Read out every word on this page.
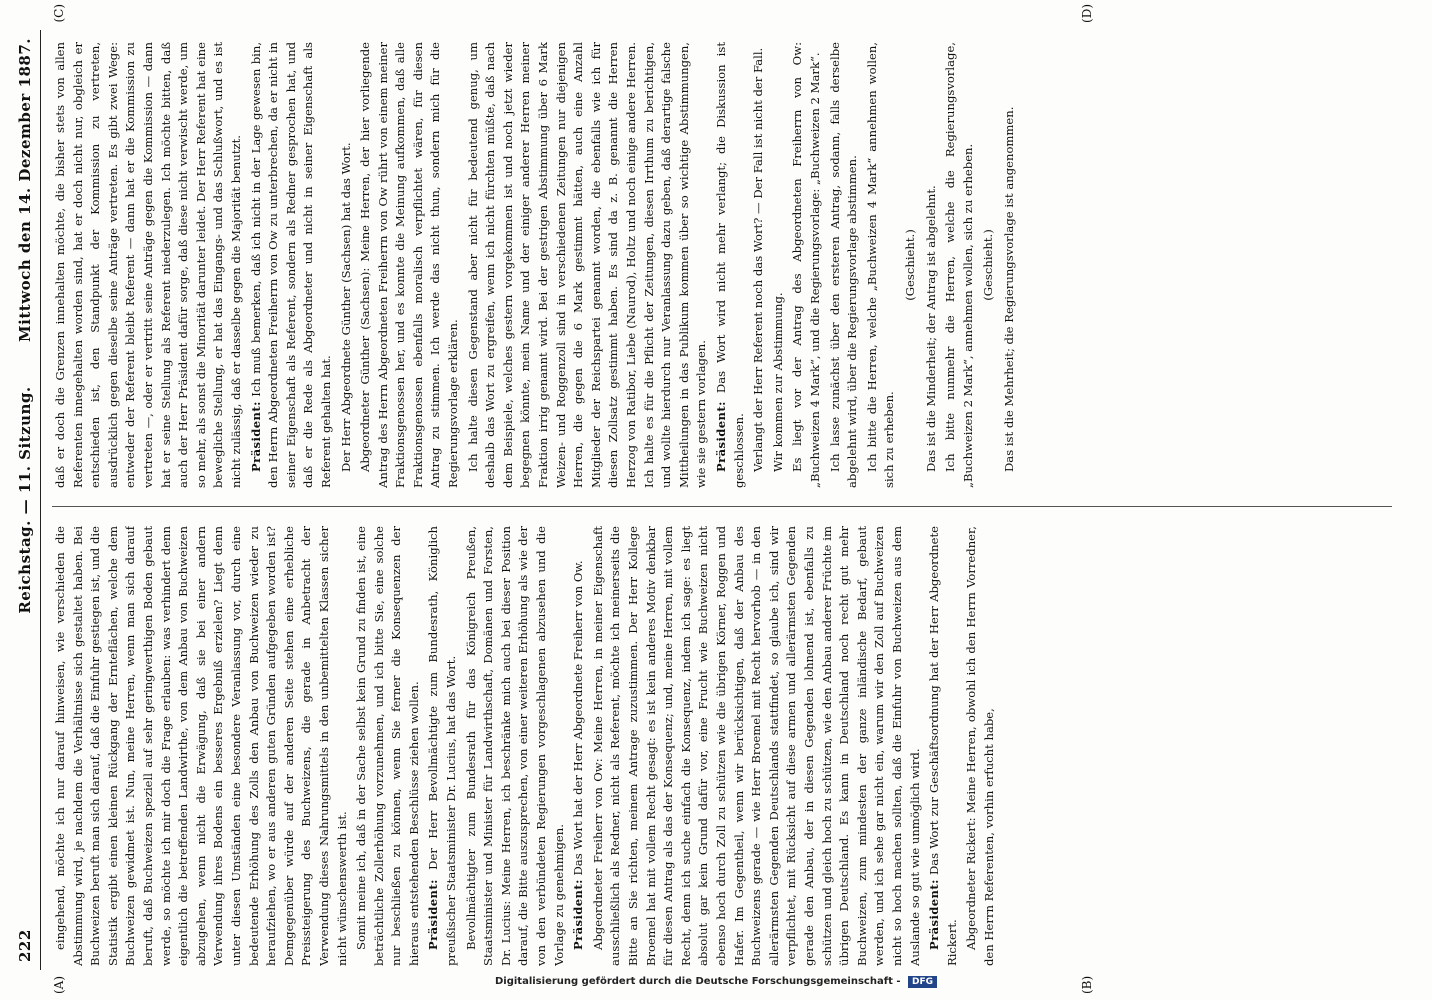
222
Reichstag. — 11. Sitzung.
Mittwoch den 14. Dezember 1887.
(A)	(B)
(C)	(D)

eingehend, möchte ich nur darauf hinweisen, wie verschieden die Abstimmung wird, je nachdem die Verhältnisse sich gestaltet haben. Bei Buchweizen beruft man sich darauf, daß die Einfuhr gestiegen ist, und die Statistik ergibt einen kleinen Rückgang der Ernteflächen, welche dem Buchweizen gewidmet ist. Nun, meine Herren, wenn man sich darauf beruft, daß Buchweizen speziell auf sehr geringwerthigen Boden gebaut werde, so möchte ich mir doch die Frage erlauben: was verhindert denn eigentlich die betreffenden Landwirthe, von dem Anbau von Buchweizen abzugehen, wenn nicht die Erwägung, daß sie bei einer andern Verwendung ihres Bodens ein besseres Ergebniß erzielen? Liegt denn unter diesen Umständen eine besondere Veranlassung vor, durch eine bedeutende Erhöhung des Zolls den Anbau von Buchweizen wieder zu heraufziehen, wo er aus anderen guten Gründen aufgegeben worden ist? Demgegenüber würde auf der anderen Seite stehen eine erhebliche Preissteigerung des Buchweizens, die gerade in Anbetracht der Verwendung dieses Nahrungsmittels in den unbemittelten Klassen sicher nicht wünschenswerth ist. Somit meine ich, daß in der Sache selbst kein Grund zu finden ist, eine beträchtliche Zollerhöhung vorzunehmen, und ich bitte Sie, eine solche nur beschließen zu können, wenn Sie ferner die Konsequenzen der hieraus entstehenden Beschlüsse ziehen wollen. Präsident: Der Herr Bevollmächtigte zum Bundesrath, Königlich preußischer Staatsminister Dr. Lucius, hat das Wort. Bevollmächtigter zum Bundesrath für das Königreich Preußen, Staatsminister und Minister für Landwirthschaft, Domänen und Forsten, Dr. Lucius: Meine Herren, ich beschränke mich auch bei dieser Position darauf, die Bitte auszusprechen, von einer weiteren Erhöhung als wie der von den verbündeten Regierungen vorgeschlagenen abzusehen und die Vorlage zu genehmigen. Präsident: Das Wort hat der Herr Abgeordnete Freiherr von Ow. Abgeordneter Freiherr von Ow: Meine Herren, in meiner Eigenschaft ausschließlich als Redner, nicht als Referent, möchte ich meinerseits die Bitte an Sie richten, meinem Antrage zuzustimmen. Der Herr Kollege Broemel hat mit vollem Recht gesagt: es ist kein anderes Motiv denkbar für diesen Antrag als das der Konsequenz; und, meine Herren, mit vollem Recht, denn ich suche einfach die Konsequenz, indem ich sage: es liegt absolut gar kein Grund dafür vor, eine Frucht wie Buchweizen nicht ebenso hoch durch Zoll zu schützen wie die übrigen Körner, Roggen und Hafer. Im Gegentheil, wenn wir berücksichtigen, daß der Anbau des Buchweizens gerade — wie Herr Broemel mit Recht hervorhob — in den allerärmsten Gegenden Deutschlands stattfindet, so glaube ich, sind wir verpflichtet, mit Rücksicht auf diese armen und allerärmsten Gegenden gerade den Anbau, der in diesen Gegenden lohnend ist, ebenfalls zu schützen und gleich hoch zu schützen, wie den Anbau anderer Früchte im übrigen Deutschland. Es kann in Deutschland noch recht gut mehr Buchweizen, zum mindesten der ganze inländische Bedarf, gebaut werden, und ich sehe gar nicht ein, warum wir den Zoll auf Buchweizen nicht so hoch machen sollten, daß die Einfuhr von Buchweizen aus dem Auslande so gut wie unmöglich wird. Präsident: Das Wort zur Geschäftsordnung hat der Herr Abgeordnete Rickert. Abgeordneter Rickert: Meine Herren, obwohl ich den Herrn Vorredner, den Herrn Referenten, vorhin erfucht habe,

daß er doch die Grenzen innehalten möchte, die bisher stets von allen Referenten innegehalten worden sind, hat er doch nicht nur, obgleich er entschieden ist, den Standpunkt der Kommission zu vertreten, ausdrücklich gegen dieselbe seine Anträge vertreten. Es gibt zwei Wege: entweder der Referent bleibt Referent — dann hat er die Kommission zu vertreten —, oder er vertritt seine Anträge gegen die Kommission — dann hat er seine Stellung als Referent niederzulegen. Ich möchte bitten, daß auch der Herr Präsident dafür sorge, daß diese nicht verwischt werde, um so mehr, als sonst die Minorität darunter leidet. Der Herr Referent hat eine bewegliche Stellung, er hat das Eingangs- und das Schlußwort, und es ist nicht zulässig, daß er dasselbe gegen die Majorität benutzt. Präsident: Ich muß bemerken, daß ich nicht in der Lage gewesen bin, den Herrn Abgeordneten Freiherrn von Ow zu unterbrechen, da er nicht in seiner Eigenschaft als Referent, sondern als Redner gesprochen hat, und daß er die Rede als Abgeordneter und nicht in seiner Eigenschaft als Referent gehalten hat. Der Herr Abgeordnete Günther (Sachsen) hat das Wort. Abgeordneter Günther (Sachsen): Meine Herren, der hier vorliegende Antrag des Herrn Abgeordneten Freiherrn von Ow rührt von einem meiner Fraktionsgenossen her, und es konnte die Meinung aufkommen, daß alle Fraktionsgenossen ebenfalls moralisch verpflichtet wären, für diesen Antrag zu stimmen. Ich werde das nicht thun, sondern mich für die Regierungsvorlage erklären. Ich halte diesen Gegenstand aber nicht für bedeutend genug, um deshalb das Wort zu ergreifen, wenn ich nicht fürchten müßte, daß nach dem Beispiele, welches gestern vorgekommen ist und noch jetzt wieder begegnen könnte, mein Name und der einiger anderer Herren meiner Fraktion irrig genannt wird. Bei der gestrigen Abstimmung über 6 Mark Weizen- und Roggenzoll sind in verschiedenen Zeitungen nur diejenigen Herren, die gegen die 6 Mark gestimmt hätten, auch eine Anzahl Mitglieder der Reichspartei genannt worden, die ebenfalls wie ich für diesen Zollsatz gestimmt haben. Es sind da z. B. genannt die Herren Herzog von Ratibor, Liebe (Naurod), Holtz und noch einige andere Herren. Ich halte es für die Pflicht der Zeitungen, diesen Irrthum zu berichtigen, und wollte hierdurch nur Veranlassung dazu geben, daß derartige falsche Mittheilungen in das Publikum kommen über so wichtige Abstimmungen, wie sie gestern vorlagen. Präsident: Das Wort wird nicht mehr verlangt; die Diskussion ist geschlossen. Verlangt der Herr Referent noch das Wort? — Der Fall ist nicht der Fall. Wir kommen zur Abstimmung. Es liegt vor der Antrag des Abgeordneten Freiherrn von Ow: „Buchweizen 4 Mark“, und die Regierungsvorlage: „Buchweizen 2 Mark“. Ich lasse zunächst über den ersteren Antrag, sodann, falls derselbe abgelehnt wird, über die Regierungsvorlage abstimmen. Ich bitte die Herren, welche „Buchweizen 4 Mark“ annehmen wollen, sich zu erheben.

(Geschieht.) Das ist die Minderheit; der Antrag ist abgelehnt. Ich bitte nunmehr die Herren, welche die Regierungsvorlage, „Buchweizen 2 Mark“, annehmen wollen, sich zu erheben. (Geschieht.) Das ist die Mehrheit; die Regierungsvorlage ist angenommen.

Digitalisierung gefördert durch die Deutsche Forschungsgemeinschaft - DFG
